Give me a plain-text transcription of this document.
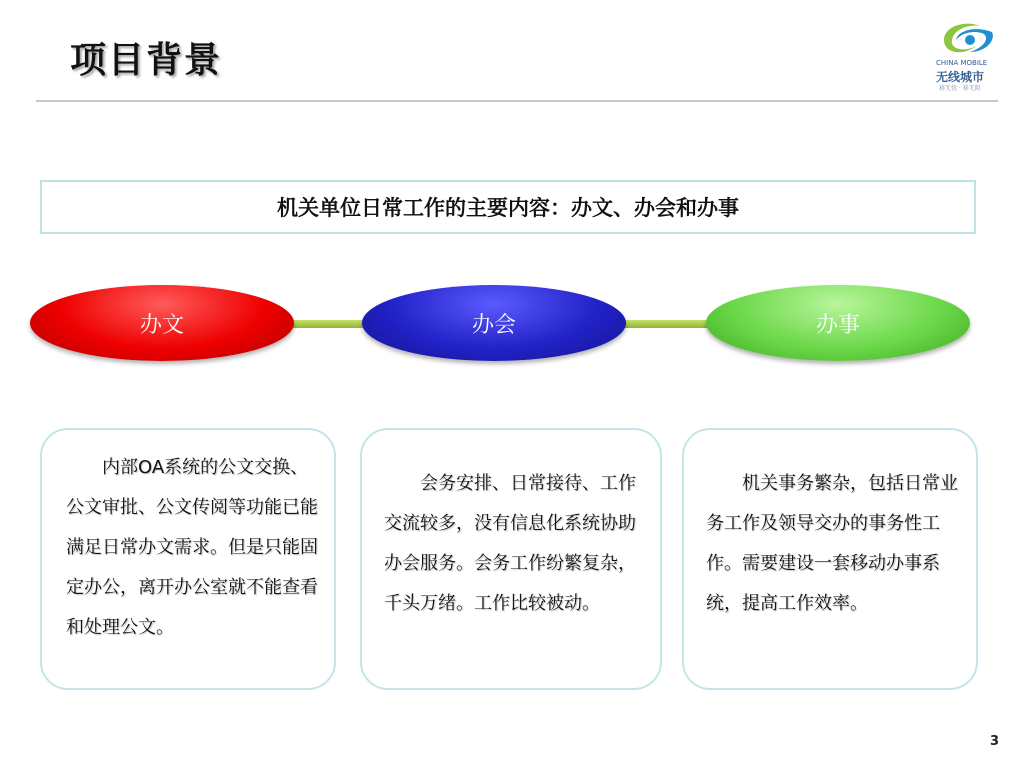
项目背景	CHINA MOBILE
无线城市
移无忧 · 移无阻
机关单位日常工作的主要内容：办文、办会和办事
办文	办会	办事

内部OA系统的公文交换、公文审批、公文传阅等功能已能满足日常办文需求。但是只能固定办公，离开办公室就不能查看和处理公文。

会务安排、日常接待、工作交流较多，没有信息化系统协助办会服务。会务工作纷繁复杂，千头万绪。工作比较被动。

机关事务繁杂，包括日常业务工作及领导交办的事务性工作。需要建设一套移动办事系统，提高工作效率。

3
